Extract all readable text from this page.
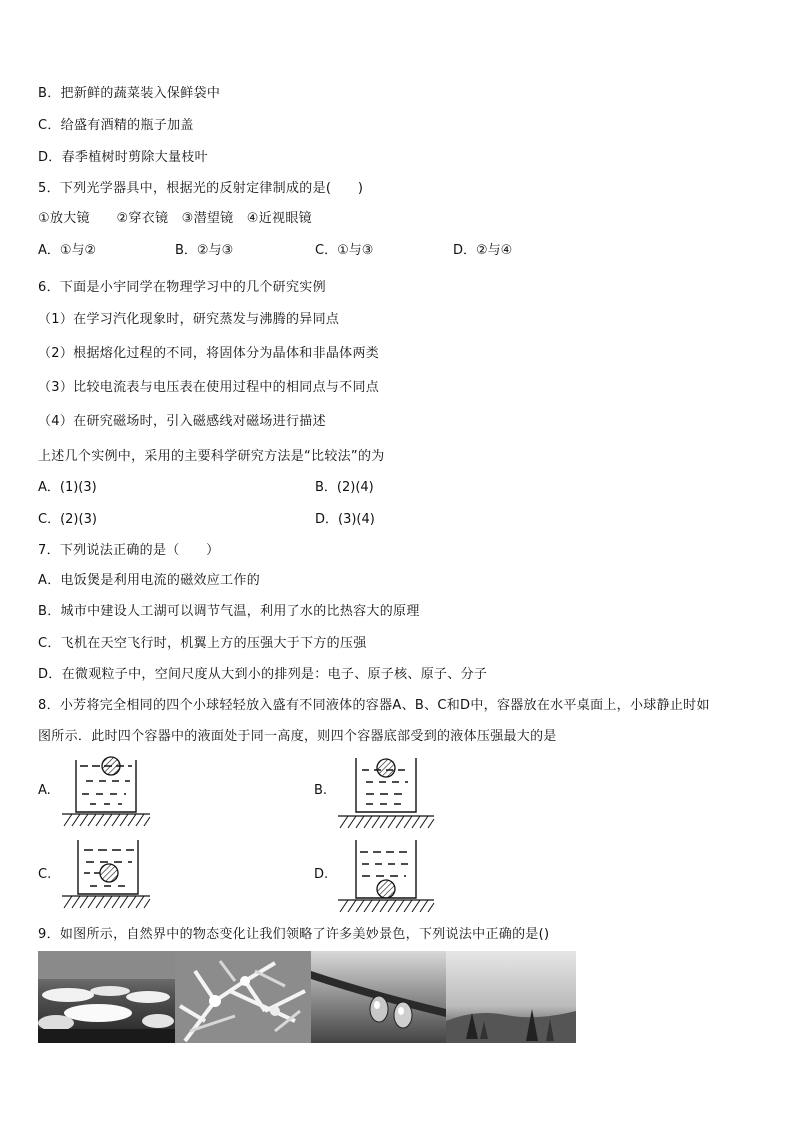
B．把新鲜的蔬菜装入保鲜袋中
C．给盛有酒精的瓶子加盖
D．春季植树时剪除大量枝叶
5．下列光学器具中，根据光的反射定律制成的是(　　)
①放大镜　　②穿衣镜　③潜望镜　④近视眼镜
A．①与②	B．②与③	C．①与③	D．②与④
6．下面是小宇同学在物理学习中的几个研究实例
（1）在学习汽化现象时，研究蒸发与沸腾的异同点
（2）根据熔化过程的不同，将固体分为晶体和非晶体两类
（3）比较电流表与电压表在使用过程中的相同点与不同点
（4）在研究磁场时，引入磁感线对磁场进行描述
上述几个实例中，采用的主要科学研究方法是“比较法”的为
A．(1)(3)	B．(2)(4)
C．(2)(3)	D．(3)(4)
7．下列说法正确的是（　　）
A．电饭煲是利用电流的磁效应工作的
B．城市中建设人工湖可以调节气温，利用了水的比热容大的原理
C．飞机在天空飞行时，机翼上方的压强大于下方的压强
D．在微观粒子中，空间尺度从大到小的排列是：电子、原子核、原子、分子
8．小芳将完全相同的四个小球轻轻放入盛有不同液体的容器A、B、C和D中，容器放在水平桌面上，小球静止时如
图所示．此时四个容器中的液面处于同一高度，则四个容器底部受到的液体压强最大的是
A.	B.
C.	D.
9．如图所示，自然界中的物态变化让我们领略了许多美妙景色，下列说法中正确的是()
